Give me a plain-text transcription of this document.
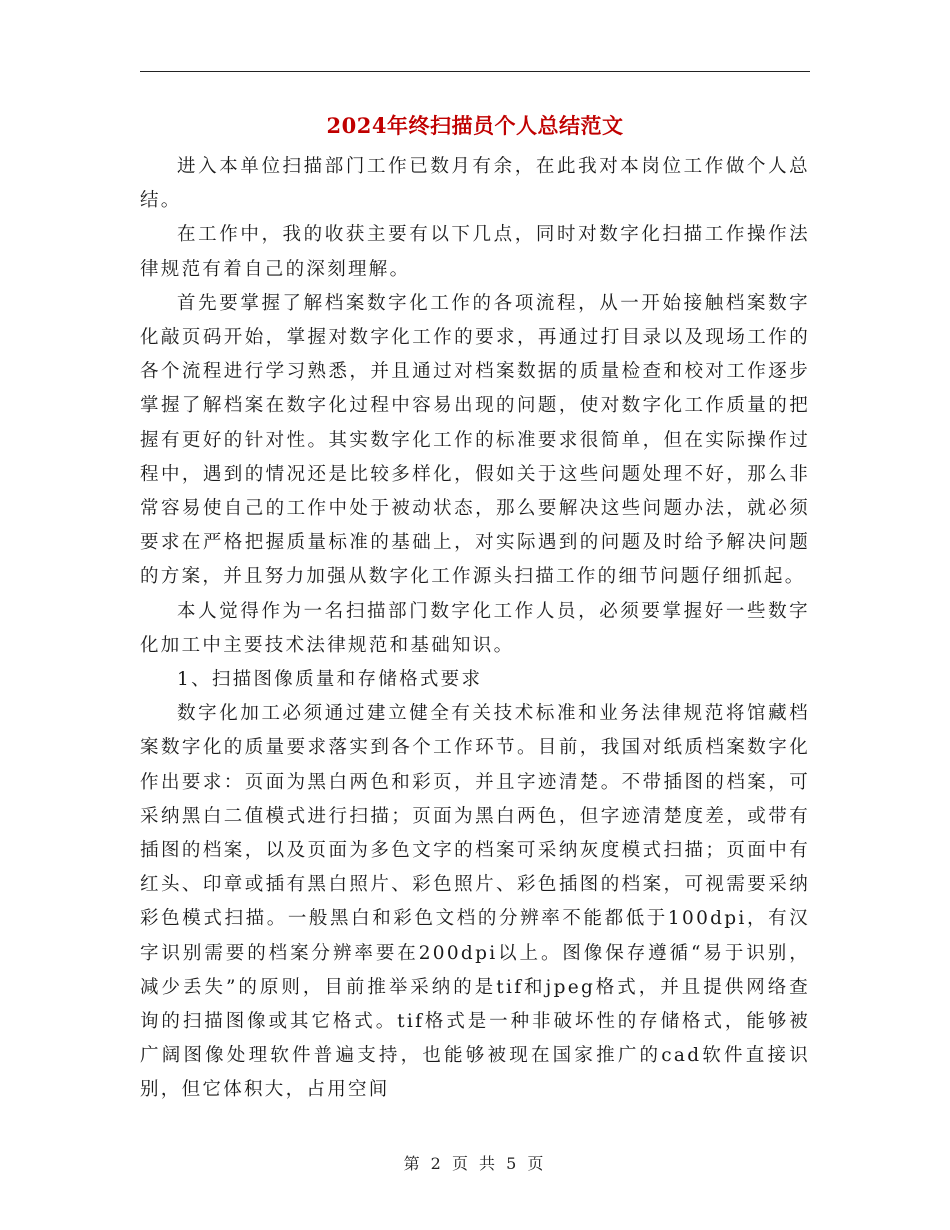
2024年终扫描员个人总结范文

进入本单位扫描部门工作已数月有余，在此我对本岗位工作做个人总结。

在工作中，我的收获主要有以下几点，同时对数字化扫描工作操作法律规范有着自己的深刻理解。

首先要掌握了解档案数字化工作的各项流程，从一开始接触档案数字化敲页码开始，掌握对数字化工作的要求，再通过打目录以及现场工作的各个流程进行学习熟悉，并且通过对档案数据的质量检查和校对工作逐步掌握了解档案在数字化过程中容易出现的问题，使对数字化工作质量的把握有更好的针对性。其实数字化工作的标准要求很简单，但在实际操作过程中，遇到的情况还是比较多样化，假如关于这些问题处理不好，那么非常容易使自己的工作中处于被动状态，那么要解决这些问题办法，就必须要求在严格把握质量标准的基础上，对实际遇到的问题及时给予解决问题的方案，并且努力加强从数字化工作源头扫描工作的细节问题仔细抓起。

本人觉得作为一名扫描部门数字化工作人员，必须要掌握好一些数字化加工中主要技术法律规范和基础知识。

1、扫描图像质量和存储格式要求

数字化加工必须通过建立健全有关技术标准和业务法律规范将馆藏档案数字化的质量要求落实到各个工作环节。目前，我国对纸质档案数字化作出要求：页面为黑白两色和彩页，并且字迹清楚。不带插图的档案，可采纳黑白二值模式进行扫描；页面为黑白两色，但字迹清楚度差，或带有插图的档案，以及页面为多色文字的档案可采纳灰度模式扫描；页面中有红头、印章或插有黑白照片、彩色照片、彩色插图的档案，可视需要采纳彩色模式扫描。一般黑白和彩色文档的分辨率不能都低于100dpi，有汉字识别需要的档案分辨率要在200dpi以上。图像保存遵循“易于识别，减少丢失”的原则，目前推举采纳的是tif和jpeg格式，并且提供网络查询的扫描图像或其它格式。tif格式是一种非破坏性的存储格式，能够被广阔图像处理软件普遍支持，也能够被现在国家推广的cad软件直接识别，但它体积大，占用空间

第 2 页 共 5 页
